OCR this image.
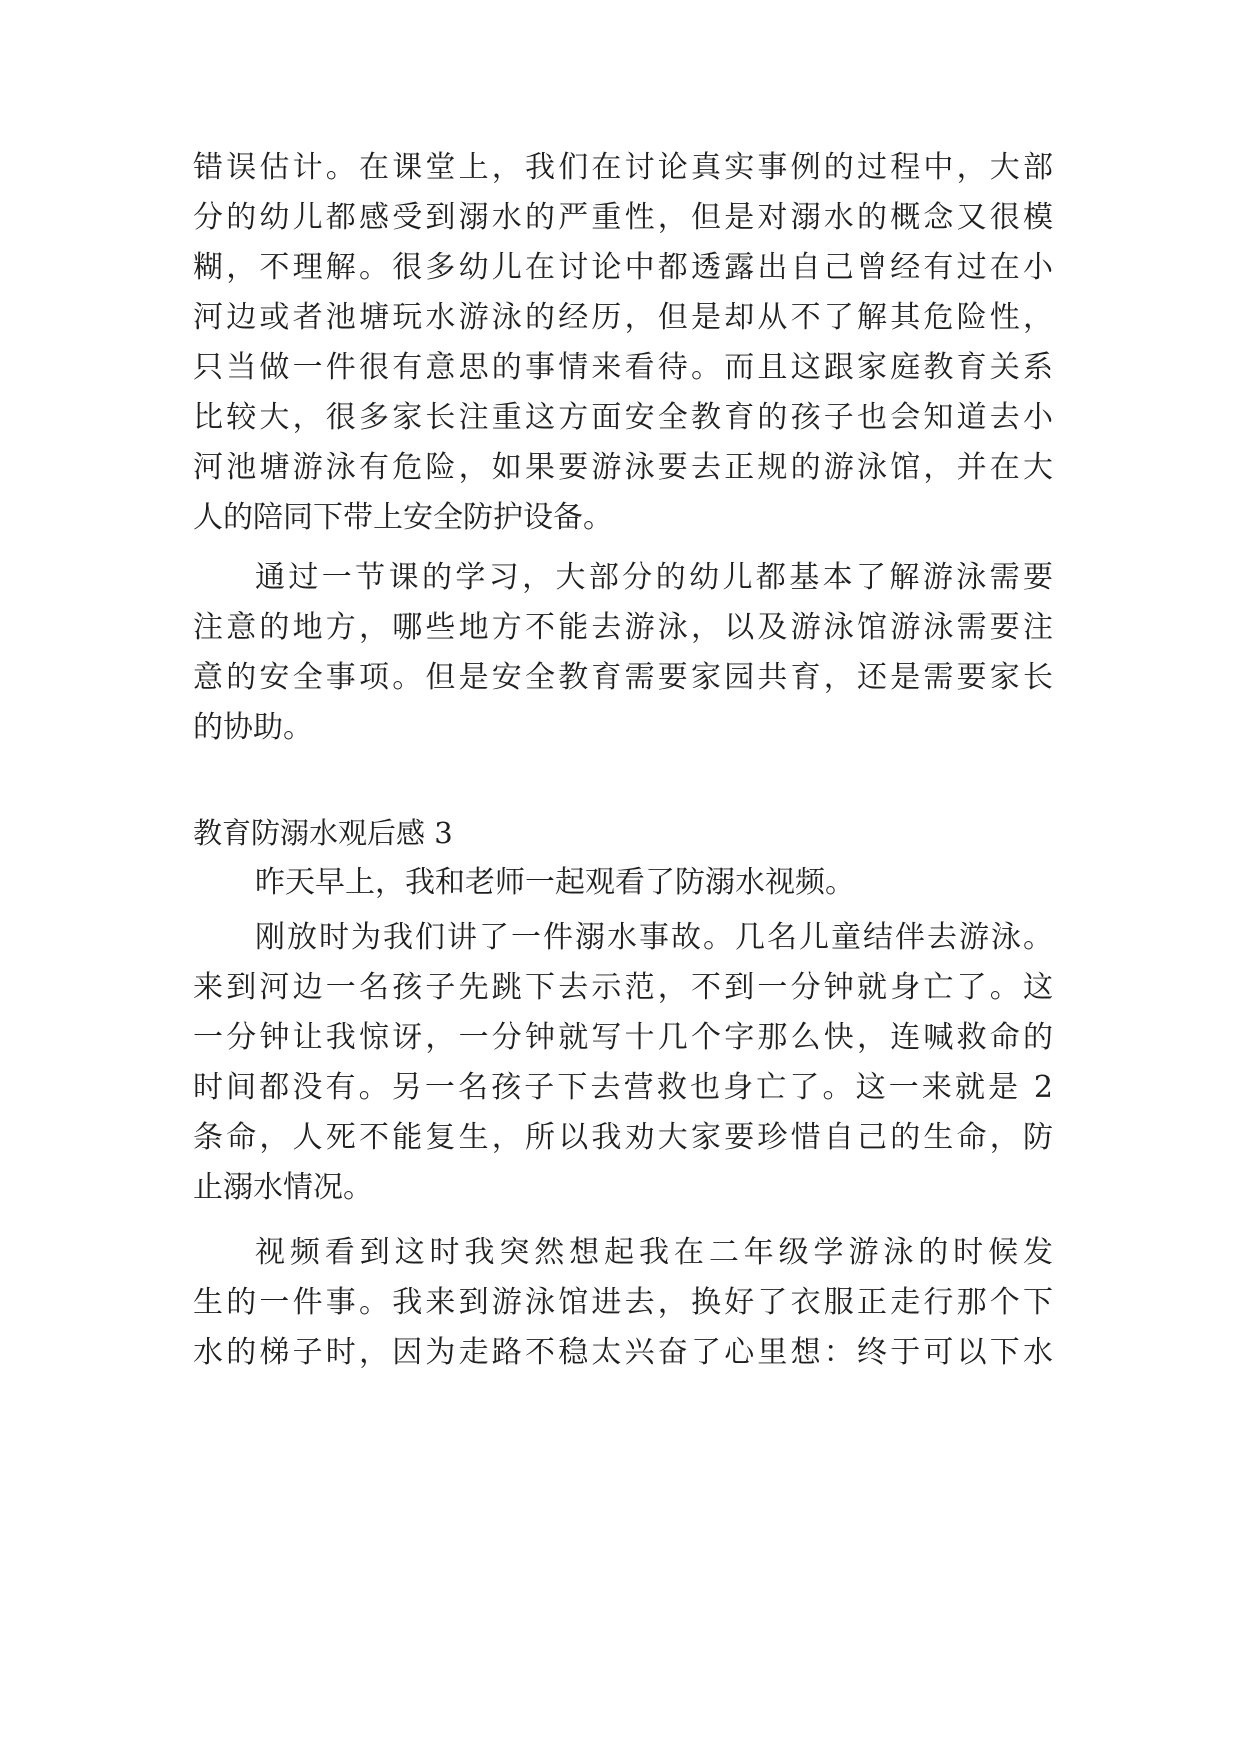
错误估计。在课堂上，我们在讨论真实事例的过程中，大部
分的幼儿都感受到溺水的严重性，但是对溺水的概念又很模
糊，不理解。很多幼儿在讨论中都透露出自己曾经有过在小
河边或者池塘玩水游泳的经历，但是却从不了解其危险性，
只当做一件很有意思的事情来看待。而且这跟家庭教育关系
比较大，很多家长注重这方面安全教育的孩子也会知道去小
河池塘游泳有危险，如果要游泳要去正规的游泳馆，并在大
人的陪同下带上安全防护设备。
通过一节课的学习，大部分的幼儿都基本了解游泳需要
注意的地方，哪些地方不能去游泳，以及游泳馆游泳需要注
意的安全事项。但是安全教育需要家园共育，还是需要家长
的协助。
教育防溺水观后感 3
昨天早上，我和老师一起观看了防溺水视频。
刚放时为我们讲了一件溺水事故。几名儿童结伴去游泳。
来到河边一名孩子先跳下去示范，不到一分钟就身亡了。这
一分钟让我惊讶，一分钟就写十几个字那么快，连喊救命的
时间都没有。另一名孩子下去营救也身亡了。这一来就是 2
条命，人死不能复生，所以我劝大家要珍惜自己的生命，防
止溺水情况。
视频看到这时我突然想起我在二年级学游泳的时候发
生的一件事。我来到游泳馆进去，换好了衣服正走行那个下
水的梯子时，因为走路不稳太兴奋了心里想：终于可以下水
